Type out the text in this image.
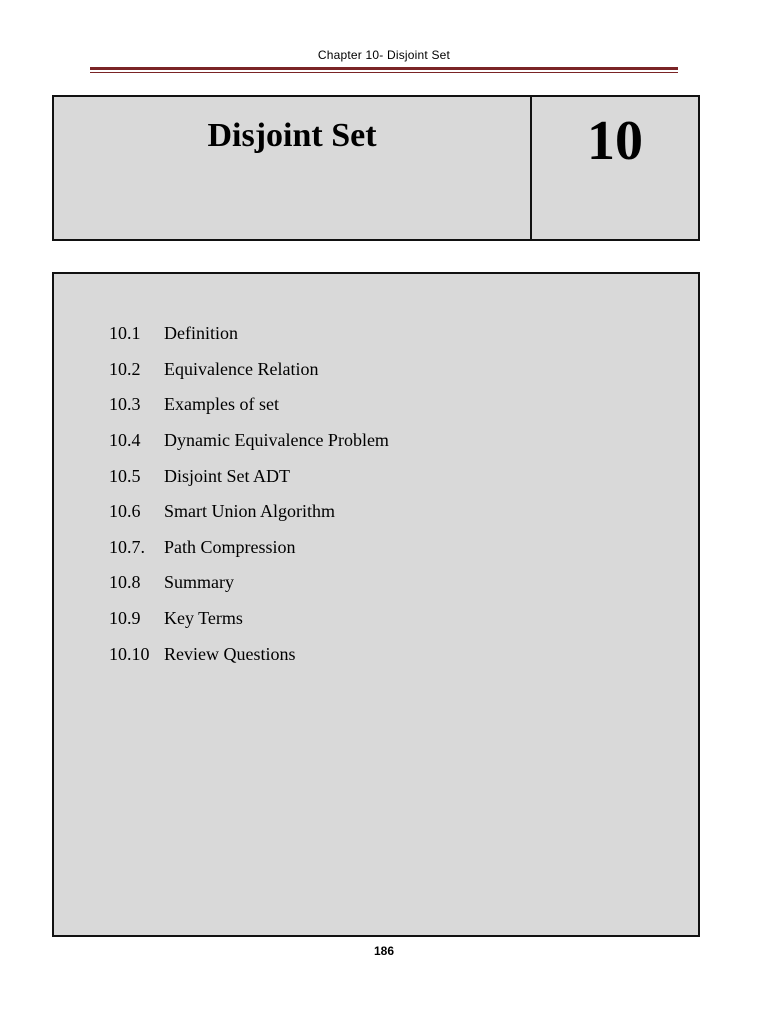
Chapter 10- Disjoint Set
Disjoint Set	10
10.1	Definition
10.2	Equivalence Relation
10.3	Examples of set
10.4	Dynamic Equivalence Problem
10.5	Disjoint Set ADT
10.6	Smart Union Algorithm
10.7.	Path Compression
10.8	Summary
10.9	Key Terms
10.10 Review Questions
186
